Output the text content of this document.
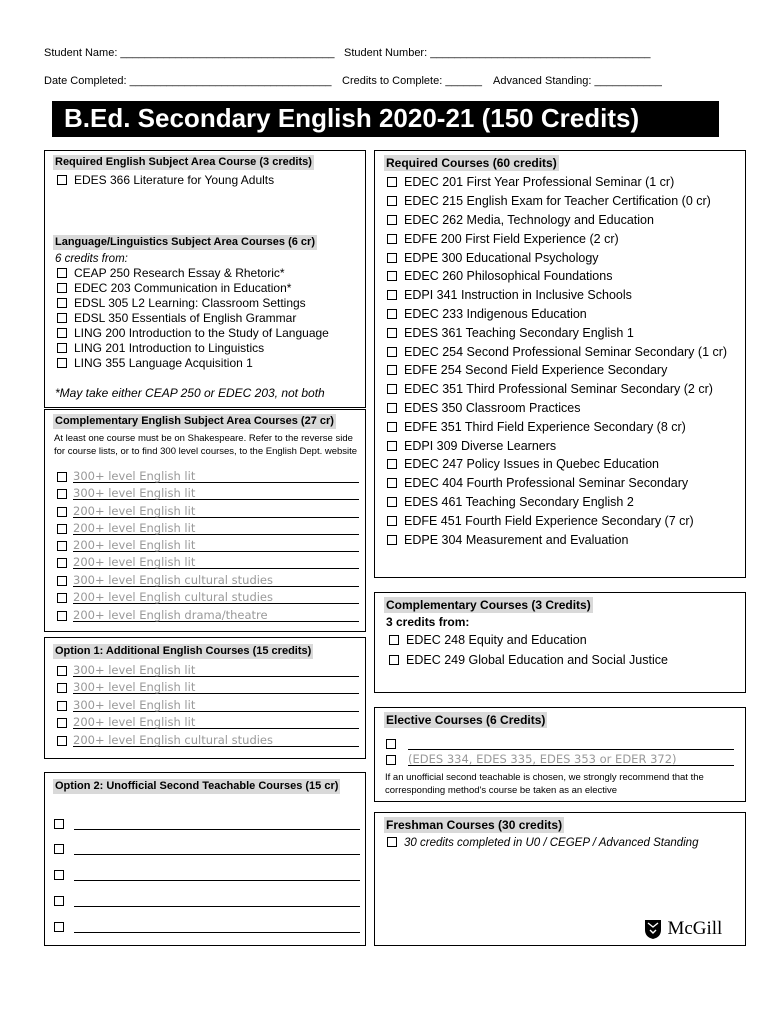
Student Name: ___________________________________ Student Number: ____________________________________
Date Completed: _________________________________ Credits to Complete: ______ Advanced Standing: ___________
B.Ed. Secondary English 2020-21 (150 Credits)
Required English Subject Area Course (3 credits)
EDES 366 Literature for Young Adults
Language/Linguistics Subject Area Courses (6 cr)
6 credits from:
CEAP 250 Research Essay & Rhetoric*
EDEC 203 Communication in Education*
EDSL 305 L2 Learning: Classroom Settings
EDSL 350 Essentials of English Grammar
LING 200 Introduction to the Study of Language
LING 201 Introduction to Linguistics
LING 355 Language Acquisition 1
*May take either CEAP 250 or EDEC 203, not both
Complementary English Subject Area Courses (27 cr)
At least one course must be on Shakespeare. Refer to the reverse side for course lists, or to find 300 level courses, to the English Dept. website
300+ level English lit
300+ level English lit
200+ level English lit
200+ level English lit
200+ level English lit
200+ level English lit
300+ level English cultural studies
200+ level English cultural studies
200+ level English drama/theatre
Option 1: Additional English Courses (15 credits)
300+ level English lit
300+ level English lit
300+ level English lit
200+ level English lit
200+ level English cultural studies
Option 2: Unofficial Second Teachable Courses (15 cr)
Required Courses (60 credits)
EDEC 201 First Year Professional Seminar (1 cr)
EDEC 215 English Exam for Teacher Certification (0 cr)
EDEC 262 Media, Technology and Education
EDFE 200 First Field Experience (2 cr)
EDPE 300 Educational Psychology
EDEC 260 Philosophical Foundations
EDPI 341 Instruction in Inclusive Schools
EDEC 233 Indigenous Education
EDES 361 Teaching Secondary English 1
EDEC 254 Second Professional Seminar Secondary (1 cr)
EDFE 254 Second Field Experience Secondary
EDEC 351 Third Professional Seminar Secondary (2 cr)
EDES 350 Classroom Practices
EDFE 351 Third Field Experience Secondary (8 cr)
EDPI 309 Diverse Learners
EDEC 247 Policy Issues in Quebec Education
EDEC 404 Fourth Professional Seminar Secondary
EDES 461 Teaching Secondary English 2
EDFE 451 Fourth Field Experience Secondary (7 cr)
EDPE 304 Measurement and Evaluation
Complementary Courses (3 Credits)
3 credits from:
EDEC 248 Equity and Education
EDEC 249 Global Education and Social Justice
Elective Courses (6 Credits)
(EDES 334, EDES 335, EDES 353 or EDER 372)
If an unofficial second teachable is chosen, we strongly recommend that the corresponding method's course be taken as an elective
Freshman Courses (30 credits)
30 credits completed in U0 / CEGEP / Advanced Standing
McGill
